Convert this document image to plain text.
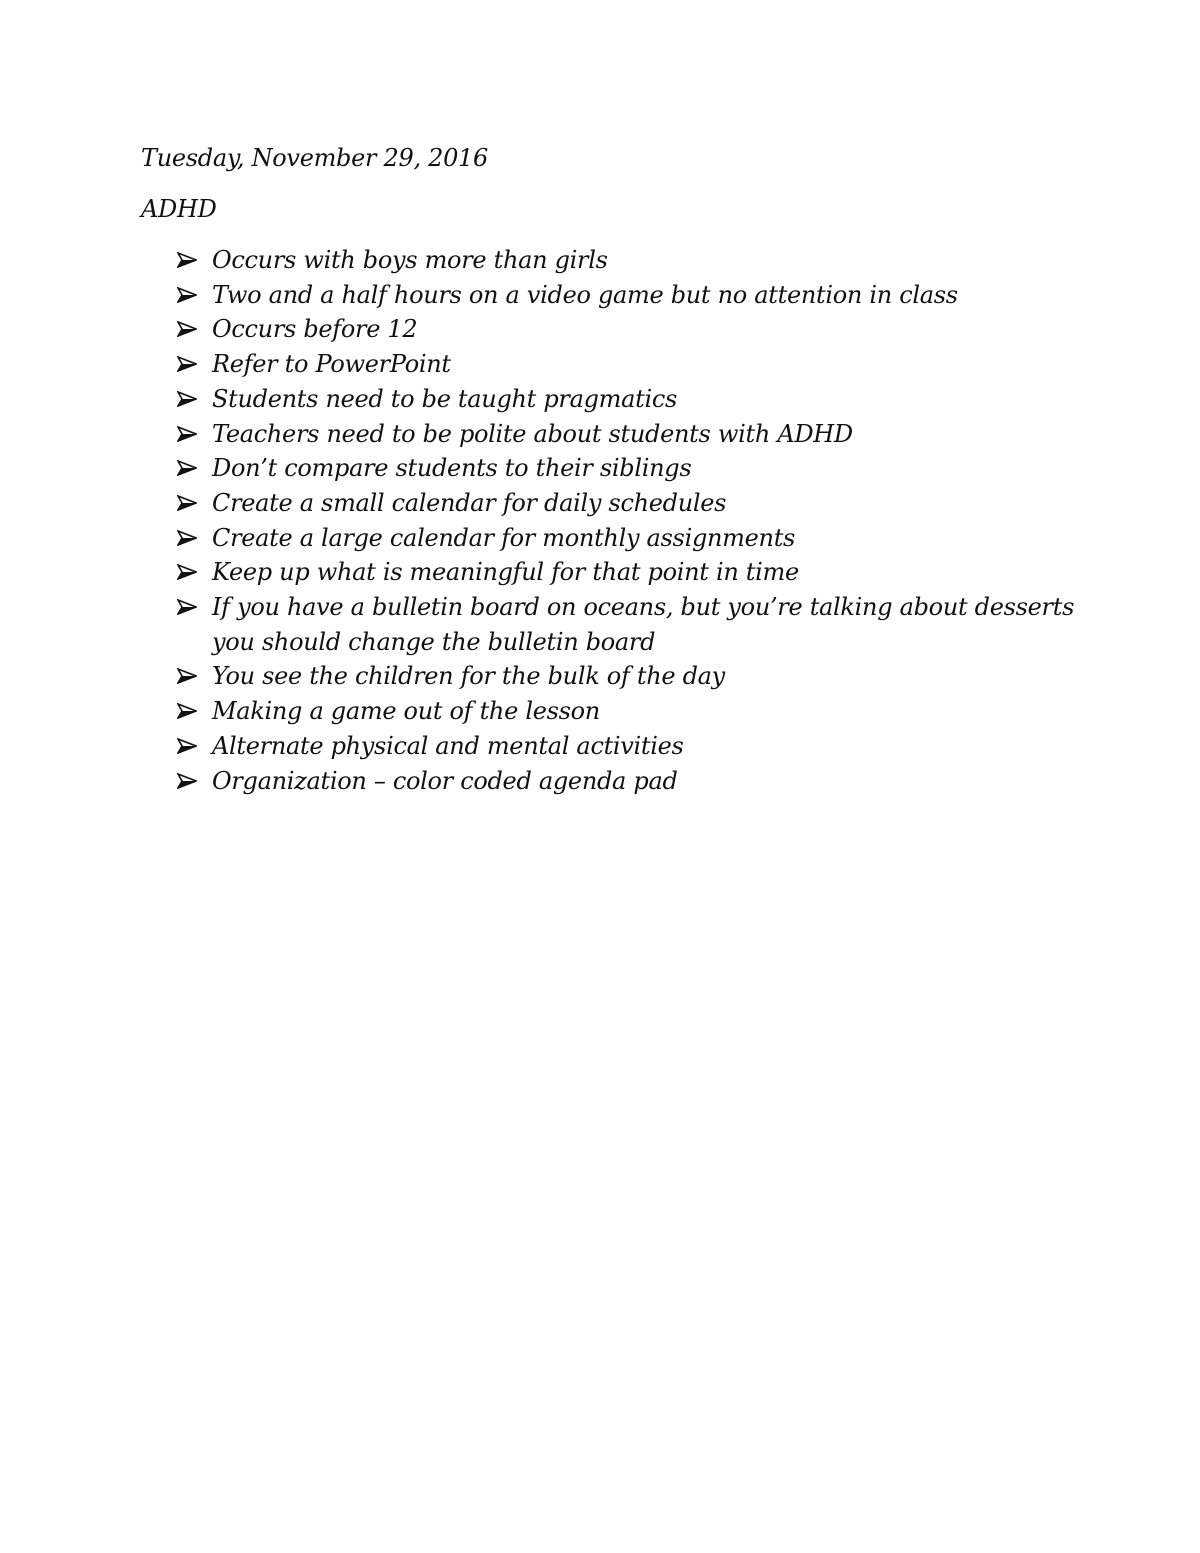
Tuesday, November 29, 2016

ADHD
Occurs with boys more than girls
Two and a half hours on a video game but no attention in class
Occurs before 12
Refer to PowerPoint
Students need to be taught pragmatics
Teachers need to be polite about students with ADHD
Don’t compare students to their siblings
Create a small calendar for daily schedules
Create a large calendar for monthly assignments
Keep up what is meaningful for that point in time
If you have a bulletin board on oceans, but you’re talking about desserts
you should change the bulletin board
You see the children for the bulk of the day
Making a game out of the lesson
Alternate physical and mental activities
Organization – color coded agenda pad
